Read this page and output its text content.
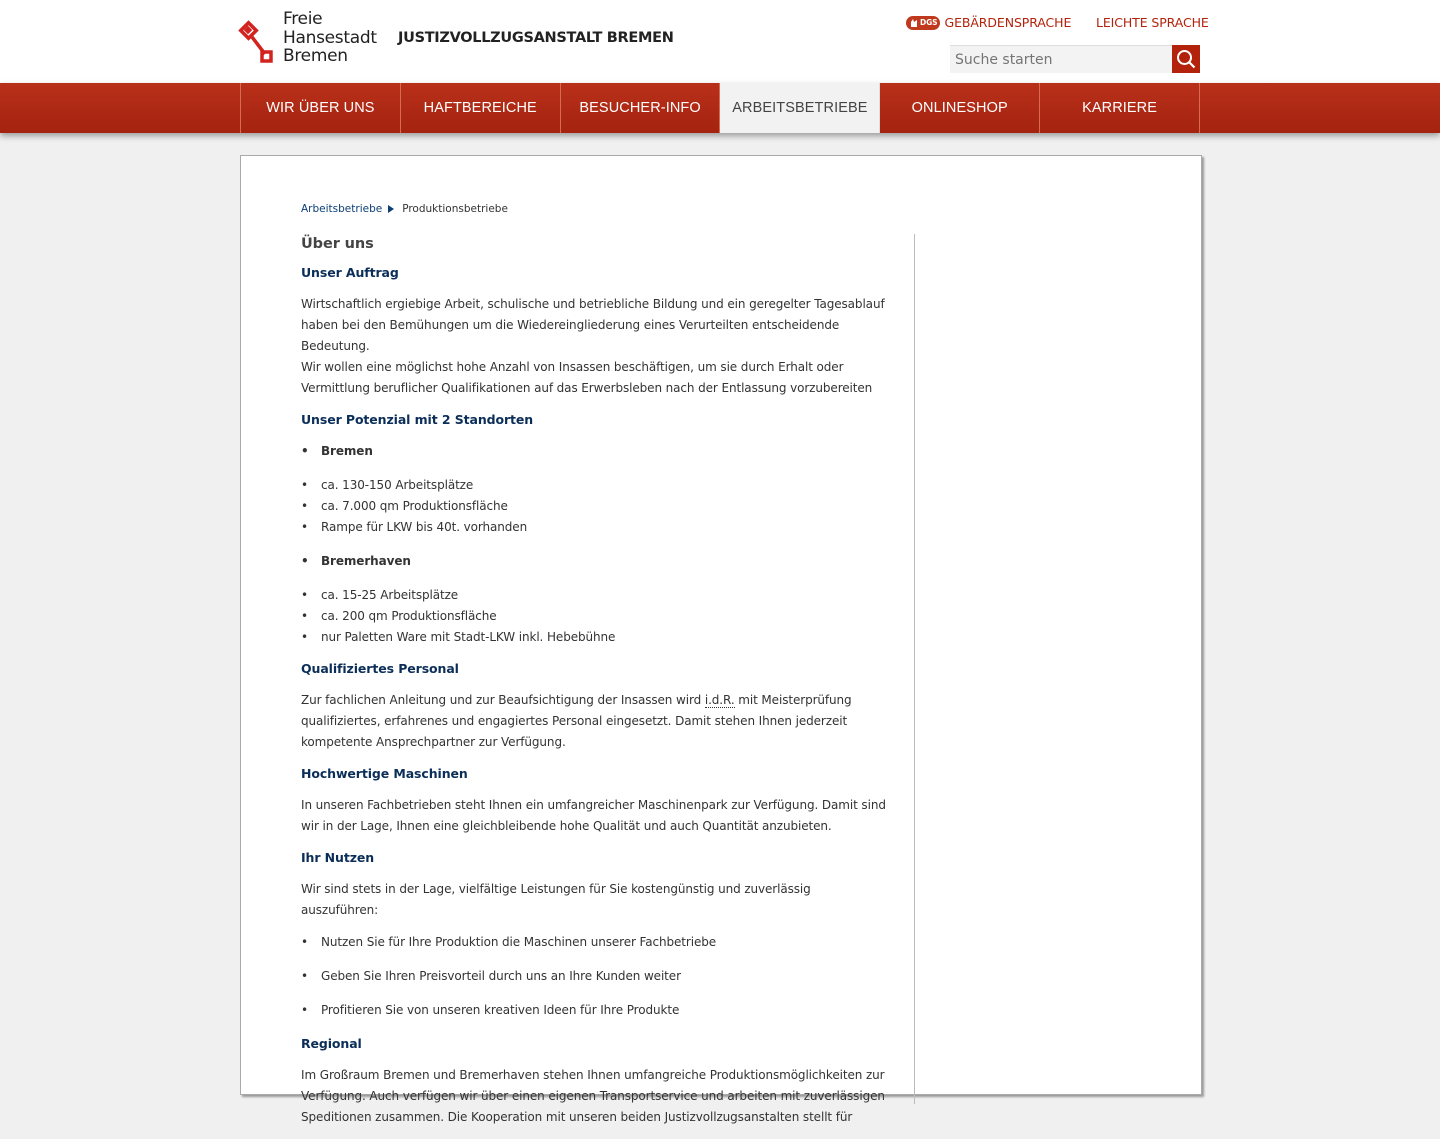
Freie
Hansestadt
Bremen
JUSTIZVOLLZUGSANSTALT BREMEN
DGS GEBÄRDENSPRACHE LEICHTE SPRACHE
Suche starten
WIR ÜBER UNS	HAFTBEREICHE	BESUCHER-INFO	ARBEITSBETRIEBE	ONLINESHOP	KARRIERE
Arbeitsbetriebe Produktionsbetriebe
Über uns
Unser Auftrag

Wirtschaftlich ergiebige Arbeit, schulische und betriebliche Bildung und ein geregelter Tagesablauf haben bei den Bemühungen um die Wiedereingliederung eines Verurteilten entscheidende Bedeutung.
Wir wollen eine möglichst hohe Anzahl von Insassen beschäftigen, um sie durch Erhalt oder Vermittlung beruflicher Qualifikationen auf das Erwerbsleben nach der Entlassung vorzubereiten

Unser Potenzial mit 2 Standorten
• Bremen
• ca. 130-150 Arbeitsplätze
• ca. 7.000 qm Produktionsfläche
• Rampe für LKW bis 40t. vorhanden
• Bremerhaven
• ca. 15-25 Arbeitsplätze
• ca. 200 qm Produktionsfläche
• nur Paletten Ware mit Stadt-LKW inkl. Hebebühne
Qualifiziertes Personal

Zur fachlichen Anleitung und zur Beaufsichtigung der Insassen wird i.d.R. mit Meisterprüfung qualifiziertes, erfahrenes und engagiertes Personal eingesetzt. Damit stehen Ihnen jederzeit kompetente Ansprechpartner zur Verfügung.

Hochwertige Maschinen

In unseren Fachbetrieben steht Ihnen ein umfangreicher Maschinenpark zur Verfügung. Damit sind wir in der Lage, Ihnen eine gleichbleibende hohe Qualität und auch Quantität anzubieten.

Ihr Nutzen

Wir sind stets in der Lage, vielfältige Leistungen für Sie kostengünstig und zuverlässig auszuführen:

• Nutzen Sie für Ihre Produktion die Maschinen unserer Fachbetriebe
• Geben Sie Ihren Preisvorteil durch uns an Ihre Kunden weiter
• Profitieren Sie von unseren kreativen Ideen für Ihre Produkte
Regional

Im Großraum Bremen und Bremerhaven stehen Ihnen umfangreiche Produktionsmöglichkeiten zur Verfügung. Auch verfügen wir über einen eigenen Transportservice und arbeiten mit zuverlässigen Speditionen zusammen. Die Kooperation mit unseren beiden Justizvollzugsanstalten stellt für
